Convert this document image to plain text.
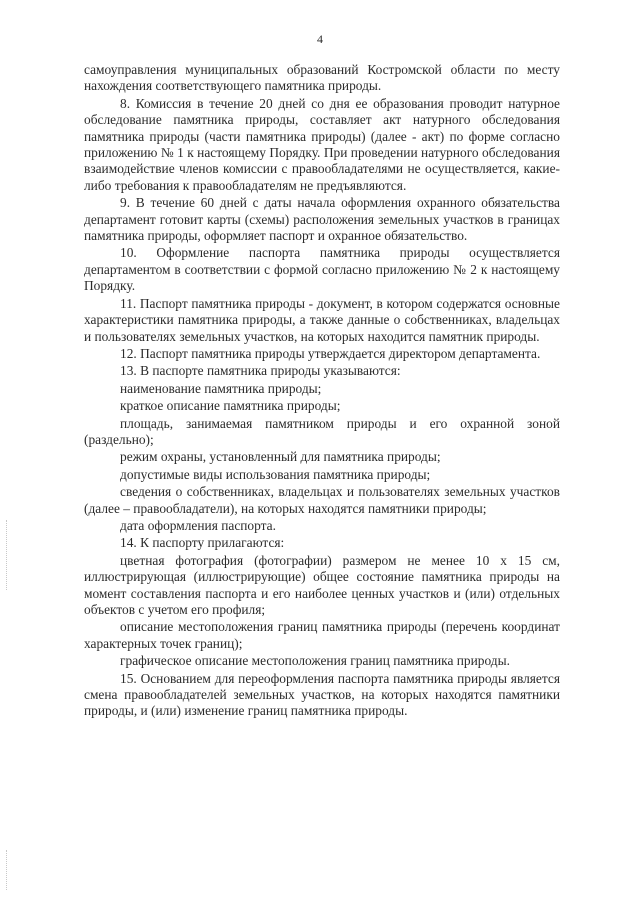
4

самоуправления муниципальных образований Костромской области по месту нахождения соответствующего памятника природы.

8. Комиссия в течение 20 дней со дня ее образования проводит натурное обследование памятника природы, составляет акт натурного обследования памятника природы (части памятника природы) (далее - акт) по форме согласно приложению № 1 к настоящему Порядку. При проведении натурного обследования взаимодействие членов комиссии с правообладателями не осуществляется, какие-либо требования к правообладателям не предъявляются.

9. В течение 60 дней с даты начала оформления охранного обязательства департамент готовит карты (схемы) расположения земельных участков в границах памятника природы, оформляет паспорт и охранное обязательство.

10. Оформление паспорта памятника природы осуществляется департаментом в соответствии с формой согласно приложению № 2 к настоящему Порядку.

11. Паспорт памятника природы - документ, в котором содержатся основные характеристики памятника природы, а также данные о собственниках, владельцах и пользователях земельных участков, на которых находится памятник природы.

12. Паспорт памятника природы утверждается директором департамента.

13. В паспорте памятника природы указываются:

наименование памятника природы;

краткое описание памятника природы;

площадь, занимаемая памятником природы и его охранной зоной (раздельно);

режим охраны, установленный для памятника природы;

допустимые виды использования памятника природы;

сведения о собственниках, владельцах и пользователях земельных участков (далее – правообладатели), на которых находятся памятники природы;

дата оформления паспорта.

14. К паспорту прилагаются:

цветная фотография (фотографии) размером не менее 10 x 15 см, иллюстрирующая (иллюстрирующие) общее состояние памятника природы на момент составления паспорта и его наиболее ценных участков и (или) отдельных объектов с учетом его профиля;

описание местоположения границ памятника природы (перечень координат характерных точек границ);

графическое описание местоположения границ памятника природы.

15. Основанием для переоформления паспорта памятника природы является смена правообладателей земельных участков, на которых находятся памятники природы, и (или) изменение границ памятника природы.
